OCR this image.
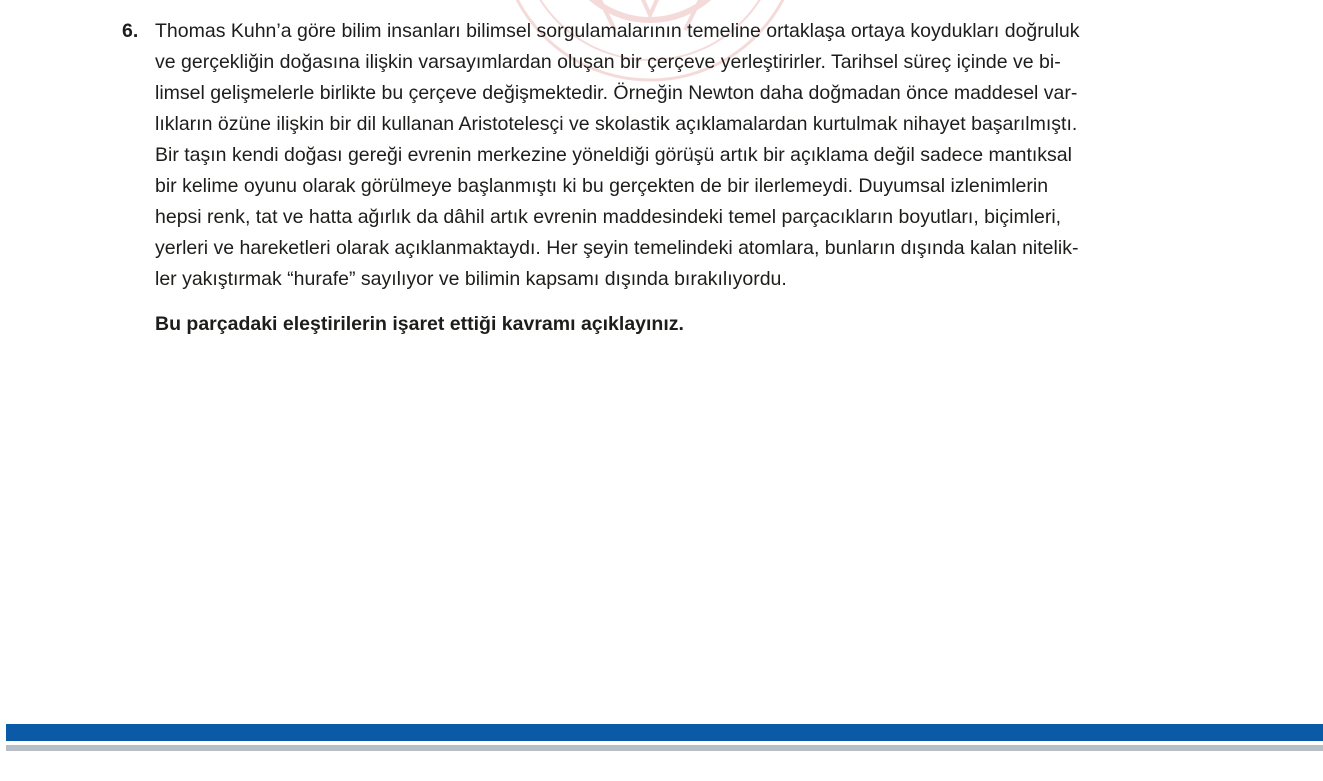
6. Thomas Kuhn’a göre bilim insanları bilimsel sorgulamalarının temeline ortaklaşa ortaya koydukları doğruluk
ve gerçekliğin doğasına ilişkin varsayımlardan oluşan bir çerçeve yerleştirirler. Tarihsel süreç içinde ve bi-
limsel gelişmelerle birlikte bu çerçeve değişmektedir. Örneğin Newton daha doğmadan önce maddesel var-
lıkların özüne ilişkin bir dil kullanan Aristotelesçi ve skolastik açıklamalardan kurtulmak nihayet başarılmıştı.
Bir taşın kendi doğası gereği evrenin merkezine yöneldiği görüşü artık bir açıklama değil sadece mantıksal
bir kelime oyunu olarak görülmeye başlanmıştı ki bu gerçekten de bir ilerlemeydi. Duyumsal izlenimlerin
hepsi renk, tat ve hatta ağırlık da dâhil artık evrenin maddesindeki temel parçacıkların boyutları, biçimleri,
yerleri ve hareketleri olarak açıklanmaktaydı. Her şeyin temelindeki atomlara, bunların dışında kalan nitelik-
ler yakıştırmak “hurafe” sayılıyor ve bilimin kapsamı dışında bırakılıyordu.
Bu parçadaki eleştirilerin işaret ettiği kavramı açıklayınız.
